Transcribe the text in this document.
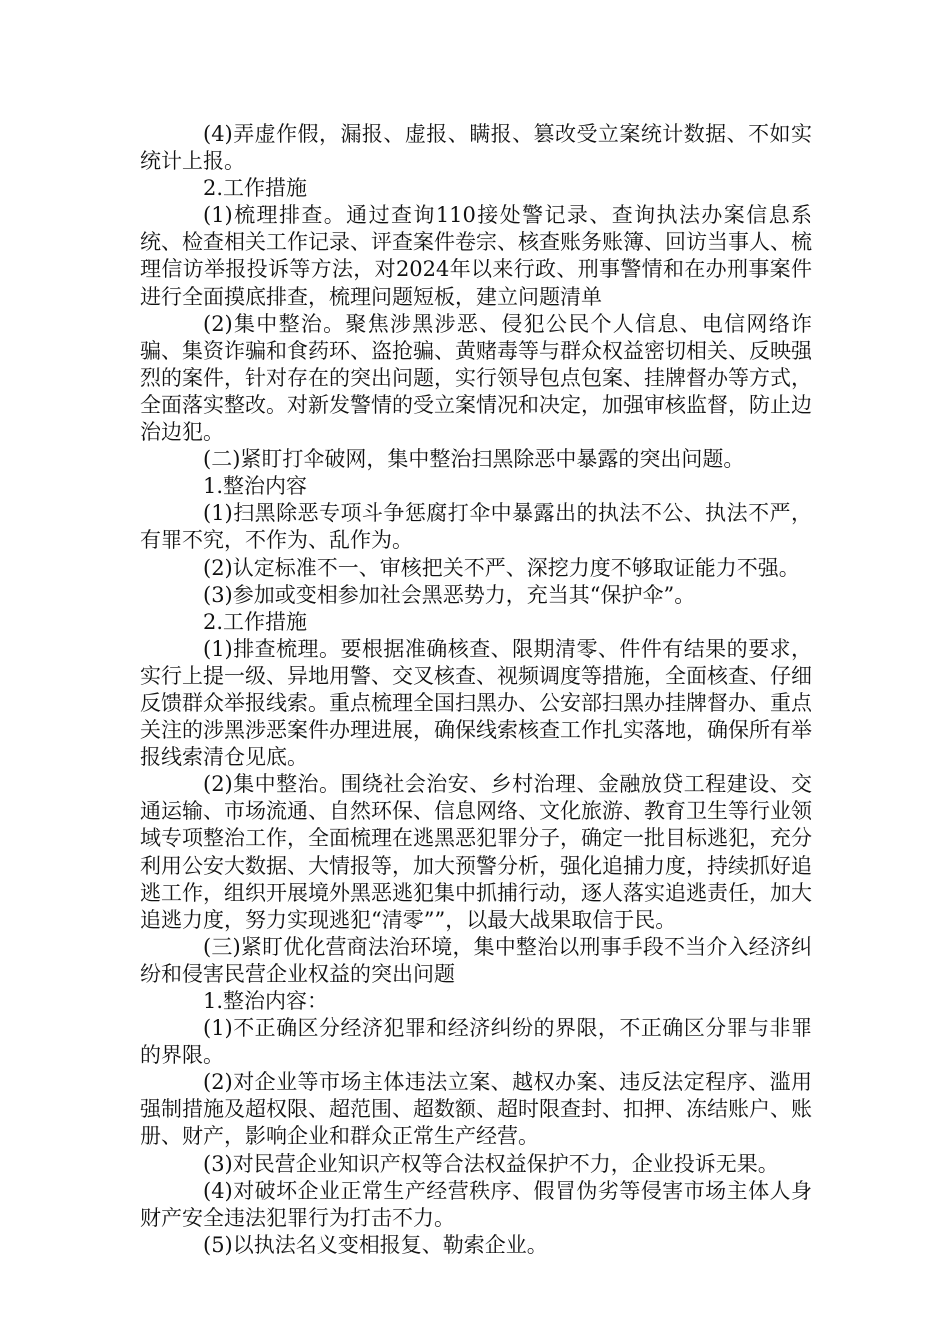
(4)弄虚作假，漏报、虚报、瞒报、篡改受立案统计数据、不如实统计上报。

2.工作措施

(1)梳理排查。通过查询110接处警记录、查询执法办案信息系统、检查相关工作记录、评查案件卷宗、核查账务账簿、回访当事人、梳理信访举报投诉等方法，对2024年以来行政、刑事警情和在办刑事案件进行全面摸底排查，梳理问题短板，建立问题清单

(2)集中整治。聚焦涉黑涉恶、侵犯公民个人信息、电信网络诈骗、集资诈骗和食药环、盗抢骗、黄赌毒等与群众权益密切相关、反映强烈的案件，针对存在的突出问题，实行领导包点包案、挂牌督办等方式，全面落实整改。对新发警情的受立案情况和决定，加强审核监督，防止边治边犯。

(二)紧盯打伞破网，集中整治扫黑除恶中暴露的突出问题。

1.整治内容

(1)扫黑除恶专项斗争惩腐打伞中暴露出的执法不公、执法不严，有罪不究，不作为、乱作为。

(2)认定标准不一、审核把关不严、深挖力度不够取证能力不强。

(3)参加或变相参加社会黑恶势力，充当其“保护伞”。

2.工作措施

(1)排查梳理。要根据准确核查、限期清零、件件有结果的要求，实行上提一级、异地用警、交叉核查、视频调度等措施，全面核查、仔细反馈群众举报线索。重点梳理全国扫黑办、公安部扫黑办挂牌督办、重点关注的涉黑涉恶案件办理进展，确保线索核查工作扎实落地，确保所有举报线索清仓见底。

(2)集中整治。围绕社会治安、乡村治理、金融放贷工程建设、交通运输、市场流通、自然环保、信息网络、文化旅游、教育卫生等行业领域专项整治工作，全面梳理在逃黑恶犯罪分子，确定一批目标逃犯，充分利用公安大数据、大情报等，加大预警分析，强化追捕力度，持续抓好追逃工作，组织开展境外黑恶逃犯集中抓捕行动，逐人落实追逃责任，加大追逃力度，努力实现逃犯“清零””，以最大战果取信于民。

(三)紧盯优化营商法治环境，集中整治以刑事手段不当介入经济纠纷和侵害民营企业权益的突出问题

1.整治内容：

(1)不正确区分经济犯罪和经济纠纷的界限，不正确区分罪与非罪的界限。

(2)对企业等市场主体违法立案、越权办案、违反法定程序、滥用强制措施及超权限、超范围、超数额、超时限查封、扣押、冻结账户、账册、财产，影响企业和群众正常生产经营。

(3)对民营企业知识产权等合法权益保护不力，企业投诉无果。

(4)对破坏企业正常生产经营秩序、假冒伪劣等侵害市场主体人身财产安全违法犯罪行为打击不力。

(5)以执法名义变相报复、勒索企业。
